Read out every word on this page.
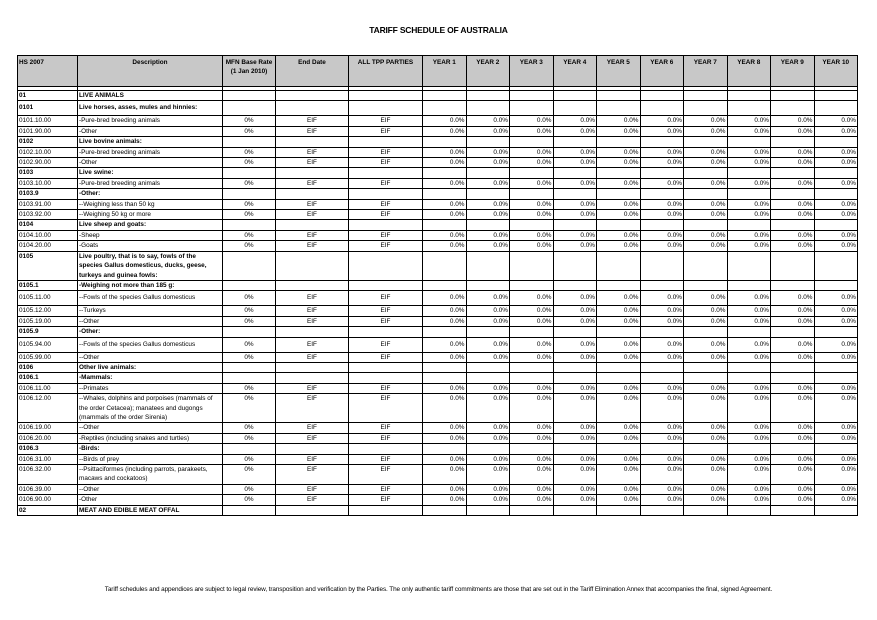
TARIFF SCHEDULE OF AUSTRALIA
HS 2007	Description	MFN Base Rate (1 Jan 2010)	End Date	ALL TPP PARTIES	YEAR 1	YEAR 2	YEAR 3	YEAR 4	YEAR 5	YEAR 6	YEAR 7	YEAR 8	YEAR 9	YEAR 10

01	LIVE ANIMALS													
0101	Live horses, asses, mules and hinnies:													
0101.10.00	-Pure-bred breeding animals	0%	EIF	EIF	0.0%	0.0%	0.0%	0.0%	0.0%	0.0%	0.0%	0.0%	0.0%	0.0%
0101.90.00	-Other	0%	EIF	EIF	0.0%	0.0%	0.0%	0.0%	0.0%	0.0%	0.0%	0.0%	0.0%	0.0%
0102	Live bovine animals:													
0102.10.00	-Pure-bred breeding animals	0%	EIF	EIF	0.0%	0.0%	0.0%	0.0%	0.0%	0.0%	0.0%	0.0%	0.0%	0.0%
0102.90.00	-Other	0%	EIF	EIF	0.0%	0.0%	0.0%	0.0%	0.0%	0.0%	0.0%	0.0%	0.0%	0.0%
0103	Live swine:													
0103.10.00	-Pure-bred breeding animals	0%	EIF	EIF	0.0%	0.0%	0.0%	0.0%	0.0%	0.0%	0.0%	0.0%	0.0%	0.0%
0103.9	-Other:													
0103.91.00	--Weighing less than 50 kg	0%	EIF	EIF	0.0%	0.0%	0.0%	0.0%	0.0%	0.0%	0.0%	0.0%	0.0%	0.0%
0103.92.00	--Weighing 50 kg or more	0%	EIF	EIF	0.0%	0.0%	0.0%	0.0%	0.0%	0.0%	0.0%	0.0%	0.0%	0.0%
0104	Live sheep and goats:													
0104.10.00	-Sheep	0%	EIF	EIF	0.0%	0.0%	0.0%	0.0%	0.0%	0.0%	0.0%	0.0%	0.0%	0.0%
0104.20.00	-Goats	0%	EIF	EIF	0.0%	0.0%	0.0%	0.0%	0.0%	0.0%	0.0%	0.0%	0.0%	0.0%
0105	Live poultry, that is to say, fowls of the species Gallus domesticus, ducks, geese, turkeys and guinea fowls:													
0105.1	-Weighing not more than 185 g:													
0105.11.00	--Fowls of the species Gallus domesticus	0%	EIF	EIF	0.0%	0.0%	0.0%	0.0%	0.0%	0.0%	0.0%	0.0%	0.0%	0.0%
0105.12.00	--Turkeys	0%	EIF	EIF	0.0%	0.0%	0.0%	0.0%	0.0%	0.0%	0.0%	0.0%	0.0%	0.0%
0105.19.00	--Other	0%	EIF	EIF	0.0%	0.0%	0.0%	0.0%	0.0%	0.0%	0.0%	0.0%	0.0%	0.0%
0105.9	-Other:													
0105.94.00	--Fowls of the species Gallus domesticus	0%	EIF	EIF	0.0%	0.0%	0.0%	0.0%	0.0%	0.0%	0.0%	0.0%	0.0%	0.0%
0105.99.00	--Other	0%	EIF	EIF	0.0%	0.0%	0.0%	0.0%	0.0%	0.0%	0.0%	0.0%	0.0%	0.0%
0106	Other live animals:													
0106.1	-Mammals:													
0106.11.00	--Primates	0%	EIF	EIF	0.0%	0.0%	0.0%	0.0%	0.0%	0.0%	0.0%	0.0%	0.0%	0.0%
0106.12.00	--Whales, dolphins and porpoises (mammals of the order Cetacea); manatees and dugongs (mammals of the order Sirenia)	0%	EIF	EIF	0.0%	0.0%	0.0%	0.0%	0.0%	0.0%	0.0%	0.0%	0.0%	0.0%
0106.19.00	--Other	0%	EIF	EIF	0.0%	0.0%	0.0%	0.0%	0.0%	0.0%	0.0%	0.0%	0.0%	0.0%
0106.20.00	-Reptiles (including snakes and turtles)	0%	EIF	EIF	0.0%	0.0%	0.0%	0.0%	0.0%	0.0%	0.0%	0.0%	0.0%	0.0%
0106.3	-Birds:													
0106.31.00	--Birds of prey	0%	EIF	EIF	0.0%	0.0%	0.0%	0.0%	0.0%	0.0%	0.0%	0.0%	0.0%	0.0%
0106.32.00	--Psittaciformes (including parrots, parakeets, macaws and cockatoos)	0%	EIF	EIF	0.0%	0.0%	0.0%	0.0%	0.0%	0.0%	0.0%	0.0%	0.0%	0.0%
0106.39.00	--Other	0%	EIF	EIF	0.0%	0.0%	0.0%	0.0%	0.0%	0.0%	0.0%	0.0%	0.0%	0.0%
0106.90.00	-Other	0%	EIF	EIF	0.0%	0.0%	0.0%	0.0%	0.0%	0.0%	0.0%	0.0%	0.0%	0.0%
02	MEAT AND EDIBLE MEAT OFFAL													
Tariff schedules and appendices are subject to legal review, transposition and verification by the Parties. The only authentic tariff commitments are those that are set out in the Tariff Elimination Annex that accompanies the final, signed Agreement.
